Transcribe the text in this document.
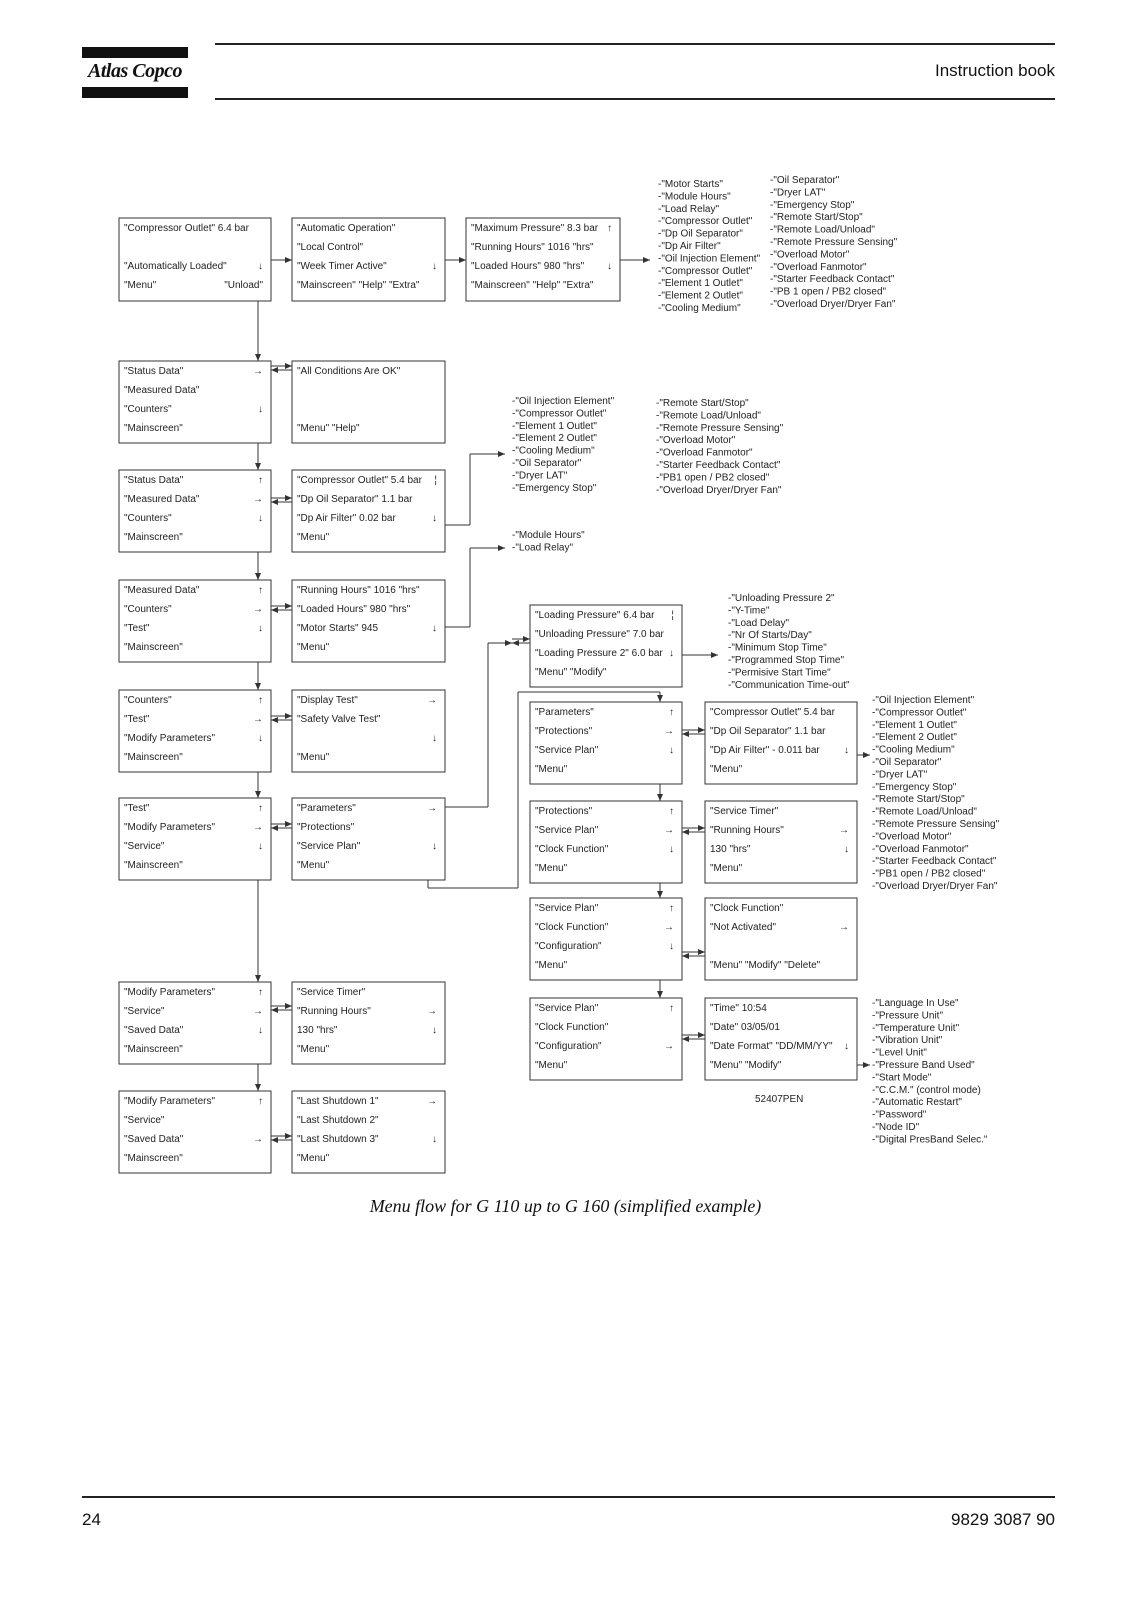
Atlas Copco	Instruction book
"Compressor Outlet" 6.4 bar
"Automatically Loaded"	↓
"Menu"	"Unload"
"Automatic Operation"
"Local Control"
"Week Timer Active"	↓
"Mainscreen" "Help" "Extra"
"Maximum Pressure" 8.3 bar ↑
"Running Hours" 1016 "hrs"
"Loaded Hours" 980 "hrs" ↓
"Mainscreen" "Help" "Extra"
"Status Data"	→
"Measured Data"
"Counters"	↓
"Mainscreen"
"All Conditions Are OK"
"Menu" "Help"
"Status Data"	↑
"Measured Data"	→
"Counters"	↓
"Mainscreen"
"Compressor Outlet" 5.4 bar ¦
"Dp Oil Separator" 1.1 bar
"Dp Air Filter" 0.02 bar	↓
"Menu"
"Measured Data"	↑
"Counters"	→
"Test"	↓
"Mainscreen"
"Running Hours" 1016 "hrs"
"Loaded Hours" 980 "hrs"
"Motor Starts" 945	↓
"Menu"
"Counters"	↑
"Test"	→
"Modify Parameters"	↓
"Mainscreen"
"Display Test"	→
"Safety Valve Test"
↓
"Menu"
"Test"	↑
"Modify Parameters"	→
"Service"	↓
"Mainscreen"
"Parameters"	→
"Protections"
"Service Plan"	↓
"Menu"
"Loading Pressure" 6.4 bar ¦
"Unloading Pressure" 7.0 bar
"Loading Pressure 2" 6.0 bar ↓
"Menu" "Modify"
"Parameters"	↑
"Protections"	→
"Service Plan"	↓
"Menu"
"Compressor Outlet" 5.4 bar
"Dp Oil Separator" 1.1 bar
"Dp Air Filter" - 0.011 bar ↓
"Menu"
"Protections"	↑
"Service Plan"	→
"Clock Function"	↓
"Menu"
"Service Timer"
"Running Hours"	→
130 "hrs"	↓
"Menu"
"Service Plan"	↑
"Clock Function"	→
"Configuration"	↓
"Menu"
"Clock Function"
"Not Activated"	→
"Menu" "Modify" "Delete"
"Modify Parameters"	↑
"Service"	→
"Saved Data"	↓
"Mainscreen"
"Service Timer"
"Running Hours"	→
130 "hrs"	↓
"Menu"
"Service Plan"	↑
"Clock Function"
"Configuration"	→
"Menu"
"Time" 10:54
"Date" 03/05/01
"Date Format" "DD/MM/YY" ↓
"Menu" "Modify"
"Modify Parameters"	↑
"Service"
"Saved Data"	→
"Mainscreen"
"Last Shutdown 1"	→
"Last Shutdown 2"
"Last Shutdown 3"	↓
"Menu"
-"Motor Starts"
-"Module Hours"
-"Load Relay"
-"Compressor Outlet"
-"Dp Oil Separator"
-"Dp Air Filter"
-"Oil Injection Element"
-"Compressor Outlet"
-"Element 1 Outlet"
-"Element 2 Outlet"
-"Cooling Medium"
-"Oil Separator"
-"Dryer LAT"
-"Emergency Stop"
-"Remote Start/Stop"
-"Remote Load/Unload"
-"Remote Pressure Sensing"
-"Overload Motor"
-"Overload Fanmotor"
-"Starter Feedback Contact"
-"PB 1 open / PB2 closed"
-"Overload Dryer/Dryer Fan"
-"Oil Injection Element"
-"Compressor Outlet"
-"Element 1 Outlet"
-"Element 2 Outlet"
-"Cooling Medium"
-"Oil Separator"
-"Dryer LAT"
-"Emergency Stop"
-"Remote Start/Stop"
-"Remote Load/Unload"
-"Remote Pressure Sensing"
-"Overload Motor"
-"Overload Fanmotor"
-"Starter Feedback Contact"
-"PB1 open / PB2 closed"
-"Overload Dryer/Dryer Fan"
-"Module Hours"
-"Load Relay"
-"Unloading Pressure 2"
-"Y-Time"
-"Load Delay"
-"Nr Of Starts/Day"
-"Minimum Stop Time"
-"Programmed Stop Time"
-"Permisive Start Time"
-"Communication Time-out"
-"Oil Injection Element"
-"Compressor Outlet"
-"Element 1 Outlet"
-"Element 2 Outlet"
-"Cooling Medium"
-"Oil Separator"
-"Dryer LAT"
-"Emergency Stop"
-"Remote Start/Stop"
-"Remote Load/Unload"
-"Remote Pressure Sensing"
-"Overload Motor"
-"Overload Fanmotor"
-"Starter Feedback Contact"
-"PB1 open / PB2 closed"
-"Overload Dryer/Dryer Fan"
-"Language In Use"
-"Pressure Unit"
-"Temperature Unit"
-"Vibration Unit"
-"Level Unit"
-"Pressure Band Used"
-"Start Mode"
-"C.C.M." (control mode)
-"Automatic Restart"
-"Password"
-"Node ID"
-"Digital PresBand Selec."
52407PEN
Menu flow for G 110 up to G 160 (simplified example)
24	9829 3087 90
